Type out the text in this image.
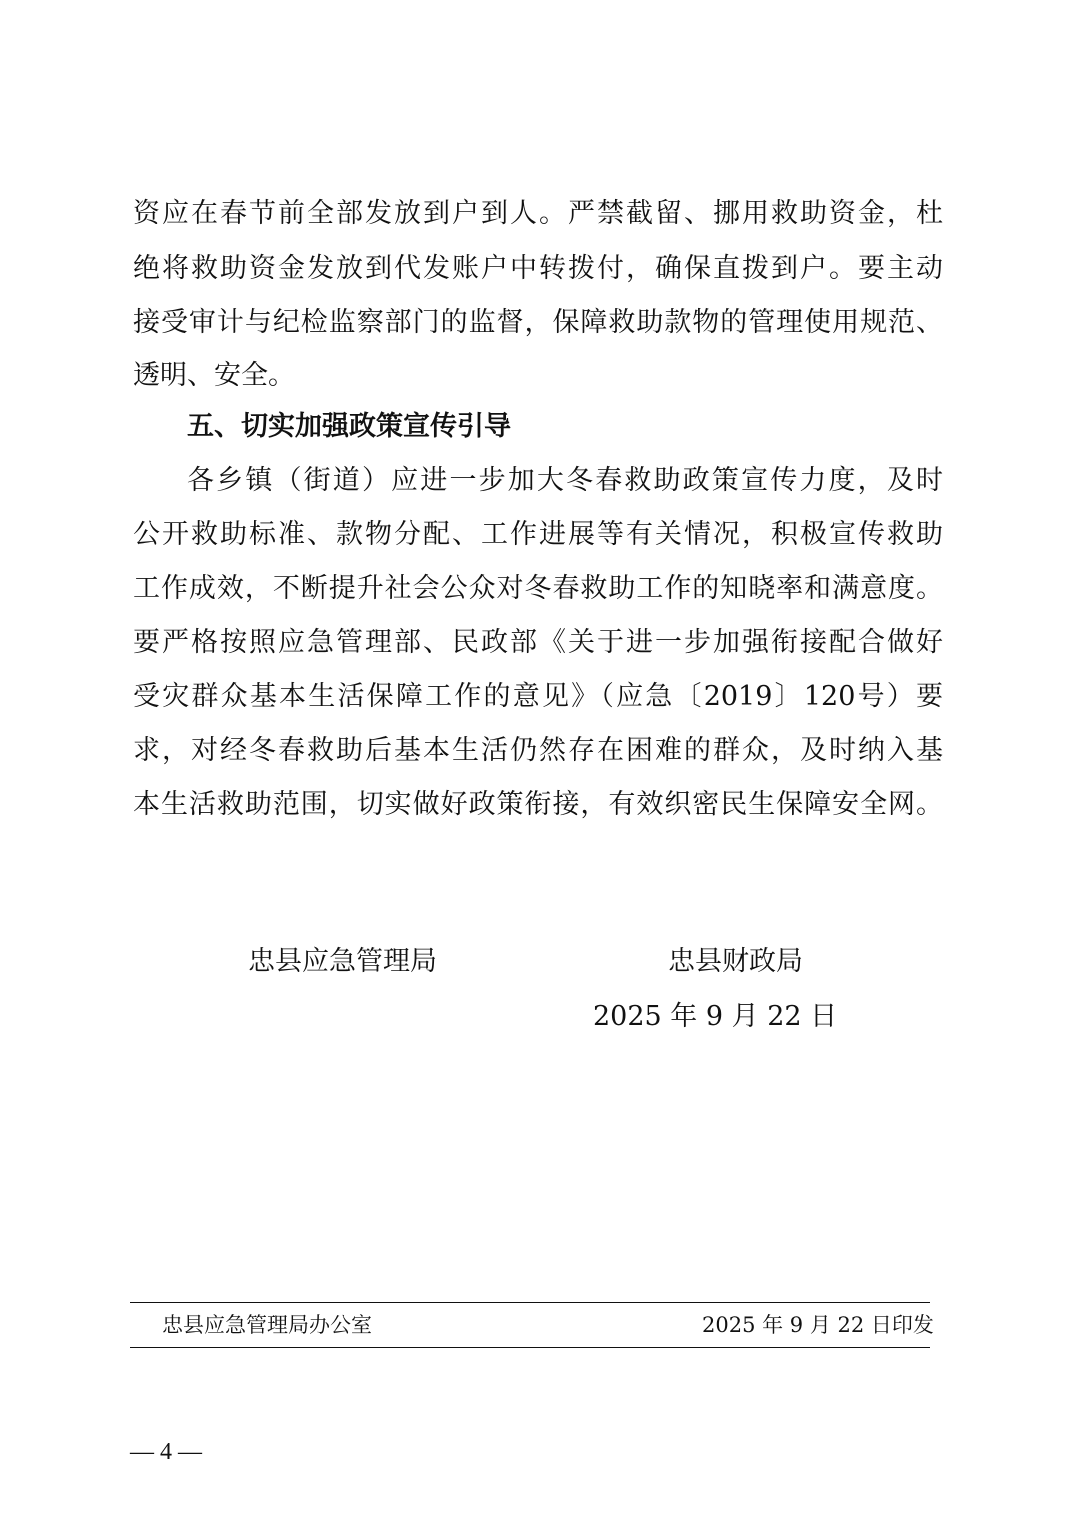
资应在春节前全部发放到户到人。严禁截留、挪用救助资金，杜
绝将救助资金发放到代发账户中转拨付，确保直拨到户。要主动
接受审计与纪检监察部门的监督，保障救助款物的管理使用规范、
透明、安全。
五、切实加强政策宣传引导
各乡镇（街道）应进一步加大冬春救助政策宣传力度，及时
公开救助标准、款物分配、工作进展等有关情况，积极宣传救助
工作成效，不断提升社会公众对冬春救助工作的知晓率和满意度。
要严格按照应急管理部、民政部《关于进一步加强衔接配合做好
受灾群众基本生活保障工作的意见》（应急〔2019〕120号）要
求，对经冬春救助后基本生活仍然存在困难的群众，及时纳入基
本生活救助范围，切实做好政策衔接，有效织密民生保障安全网。
忠县应急管理局	忠县财政局
2025 年 9 月 22 日
忠县应急管理局办公室	2025 年 9 月 22 日印发
— 4 —
